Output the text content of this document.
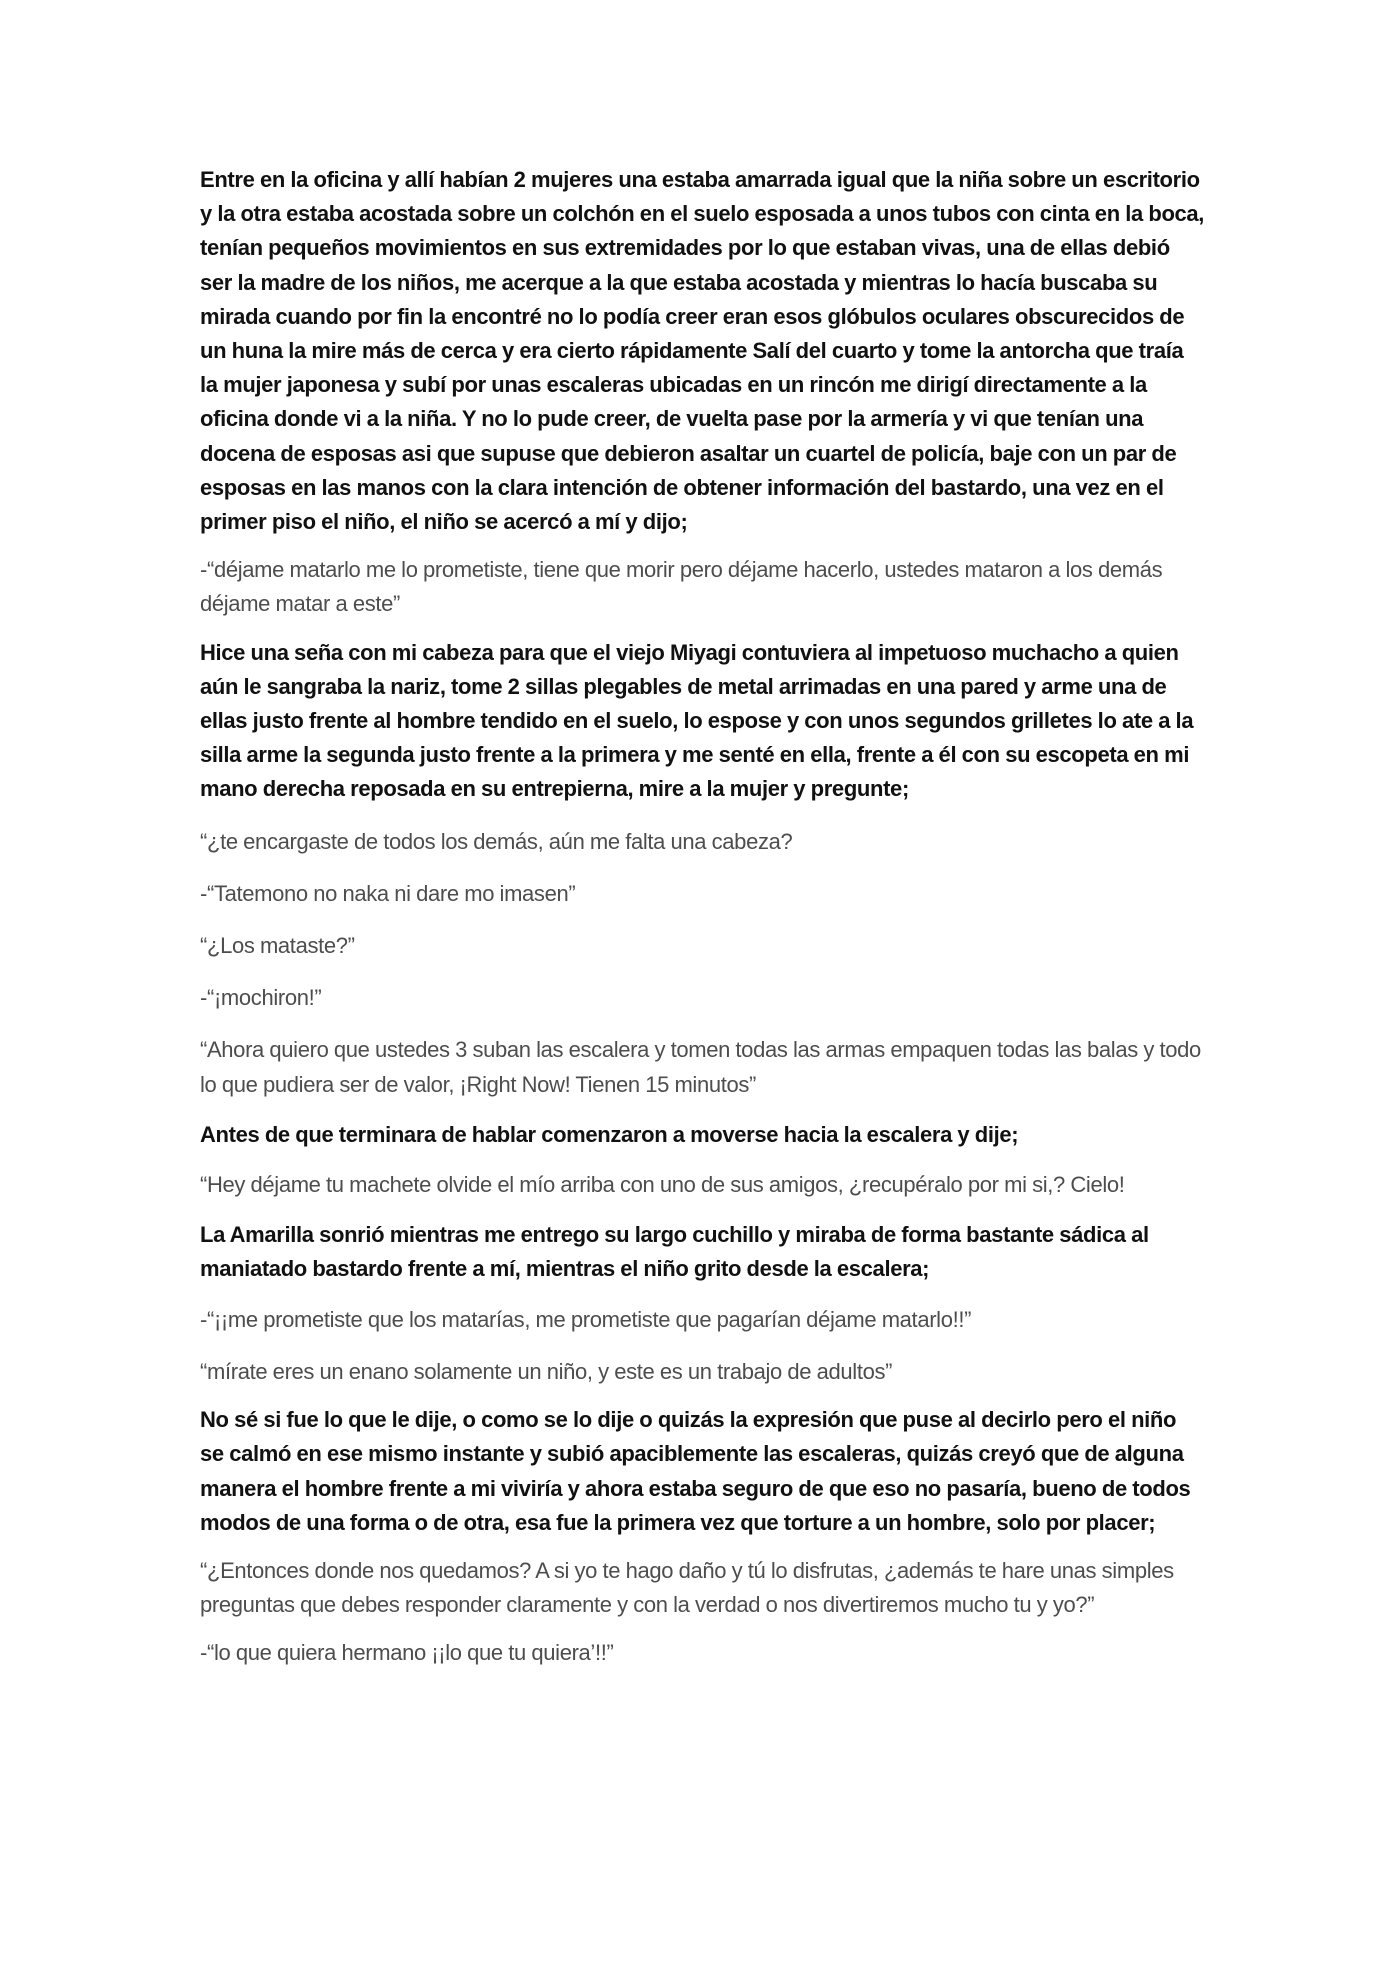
Entre en la oficina y allí habían 2 mujeres una estaba amarrada igual que la niña sobre un escritorio y la otra estaba acostada sobre un colchón en el suelo esposada a unos tubos con cinta en la boca, tenían pequeños movimientos en sus extremidades por lo que estaban vivas, una de ellas debió ser la madre de los niños, me acerque a la que estaba acostada y mientras lo hacía buscaba su mirada cuando por fin la encontré no lo podía creer eran esos glóbulos oculares obscurecidos de un huna la mire más de cerca y era cierto rápidamente Salí del cuarto y tome la antorcha que traía la mujer japonesa y subí por unas escaleras ubicadas en un rincón me dirigí directamente a la oficina donde vi a la niña. Y no lo pude creer, de vuelta pase por la armería y vi que tenían una docena de esposas asi que supuse que debieron asaltar un cuartel de policía, baje con un par de esposas en las manos con la clara intención de obtener información del bastardo, una vez en el primer piso el niño, el niño se acercó a mí y dijo;

-“déjame matarlo me lo prometiste, tiene que morir pero déjame hacerlo, ustedes mataron a los demás déjame matar a este”

Hice una seña con mi cabeza para que el viejo Miyagi contuviera al impetuoso muchacho a quien aún le sangraba la nariz, tome 2 sillas plegables de metal arrimadas en una pared y arme una de ellas justo frente al hombre tendido en el suelo, lo espose y con unos segundos grilletes lo ate a la silla arme la segunda justo frente a la primera y me senté en ella, frente a él con su escopeta en mi mano derecha reposada en su entrepierna, mire a la mujer y pregunte;

“¿te encargaste de todos los demás, aún me falta una cabeza?

-“Tatemono no naka ni dare mo imasen”

“¿Los mataste?”

-“¡mochiron!”

“Ahora quiero que ustedes 3 suban las escalera y tomen todas las armas empaquen todas las balas y todo lo que pudiera ser de valor, ¡Right Now! Tienen 15 minutos”

Antes de que terminara de hablar comenzaron a moverse hacia la escalera y dije;

“Hey déjame tu machete olvide el mío arriba con uno de sus amigos, ¿recupéralo por mi si,? Cielo!

La Amarilla sonrió mientras me entrego su largo cuchillo y miraba de forma bastante sádica al maniatado bastardo frente a mí, mientras el niño grito desde la escalera;

-“¡¡me prometiste que los matarías, me prometiste que pagarían déjame matarlo!!”

“mírate eres un enano solamente un niño, y este es un trabajo de adultos”

No sé si fue lo que le dije, o como se lo dije o quizás la expresión que puse al decirlo pero el niño se calmó en ese mismo instante y subió apaciblemente las escaleras, quizás creyó que de alguna manera el hombre frente a mi viviría y ahora estaba seguro de que eso no pasaría, bueno de todos modos de una forma o de otra, esa fue la primera vez que torture a un hombre, solo por placer;

“¿Entonces donde nos quedamos? A si yo te hago daño y tú lo disfrutas, ¿además te hare unas simples preguntas que debes responder claramente y con la verdad o nos divertiremos mucho tu y yo?”

-“lo que quiera hermano ¡¡lo que tu quiera’!!”
